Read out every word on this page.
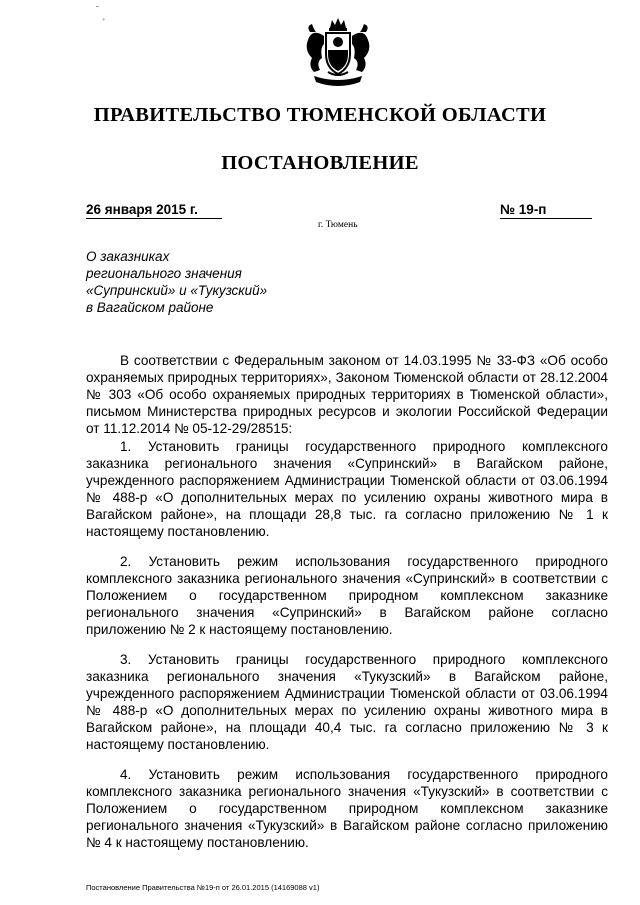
ˉ
ﾞ
ПРАВИТЕЛЬСТВО ТЮМЕНСКОЙ ОБЛАСТИ
ПОСТАНОВЛЕНИЕ
26 января 2015 г.	№ 19-п
г. Тюмень
О заказниках
регионального значения
«Супринский» и «Тукузский»
в Вагайском районе

В соответствии с Федеральным законом от 14.03.1995 № 33-ФЗ «Об особо охраняемых природных территориях», Законом Тюменской области от 28.12.2004 № 303 «Об особо охраняемых природных территориях в Тюменской области», письмом Министерства природных ресурсов и экологии Российской Федерации от 11.12.2014 № 05-12-29/28515:

1. Установить границы государственного природного комплексного заказника регионального значения «Супринский» в Вагайском районе, учрежденного распоряжением Администрации Тюменской области от 03.06.1994 № 488-р «О дополнительных мерах по усилению охраны животного мира в Вагайском районе», на площади 28,8 тыс. га согласно приложению № 1 к настоящему постановлению.

2. Установить режим использования государственного природного комплексного заказника регионального значения «Супринский» в соответствии с Положением о государственном природном комплексном заказнике регионального значения «Супринский» в Вагайском районе согласно приложению № 2 к настоящему постановлению.

3. Установить границы государственного природного комплексного заказника регионального значения «Тукузский» в Вагайском районе, учрежденного распоряжением Администрации Тюменской области от 03.06.1994 № 488-р «О дополнительных мерах по усилению охраны животного мира в Вагайском районе», на площади 40,4 тыс. га согласно приложению № 3 к настоящему постановлению.

4. Установить режим использования государственного природного комплексного заказника регионального значения «Тукузский» в соответствии с Положением о государственном природном комплексном заказнике регионального значения «Тукузский» в Вагайском районе согласно приложению № 4 к настоящему постановлению.

Постановление Правительства №19-п от 26.01.2015 (14169088 v1)
